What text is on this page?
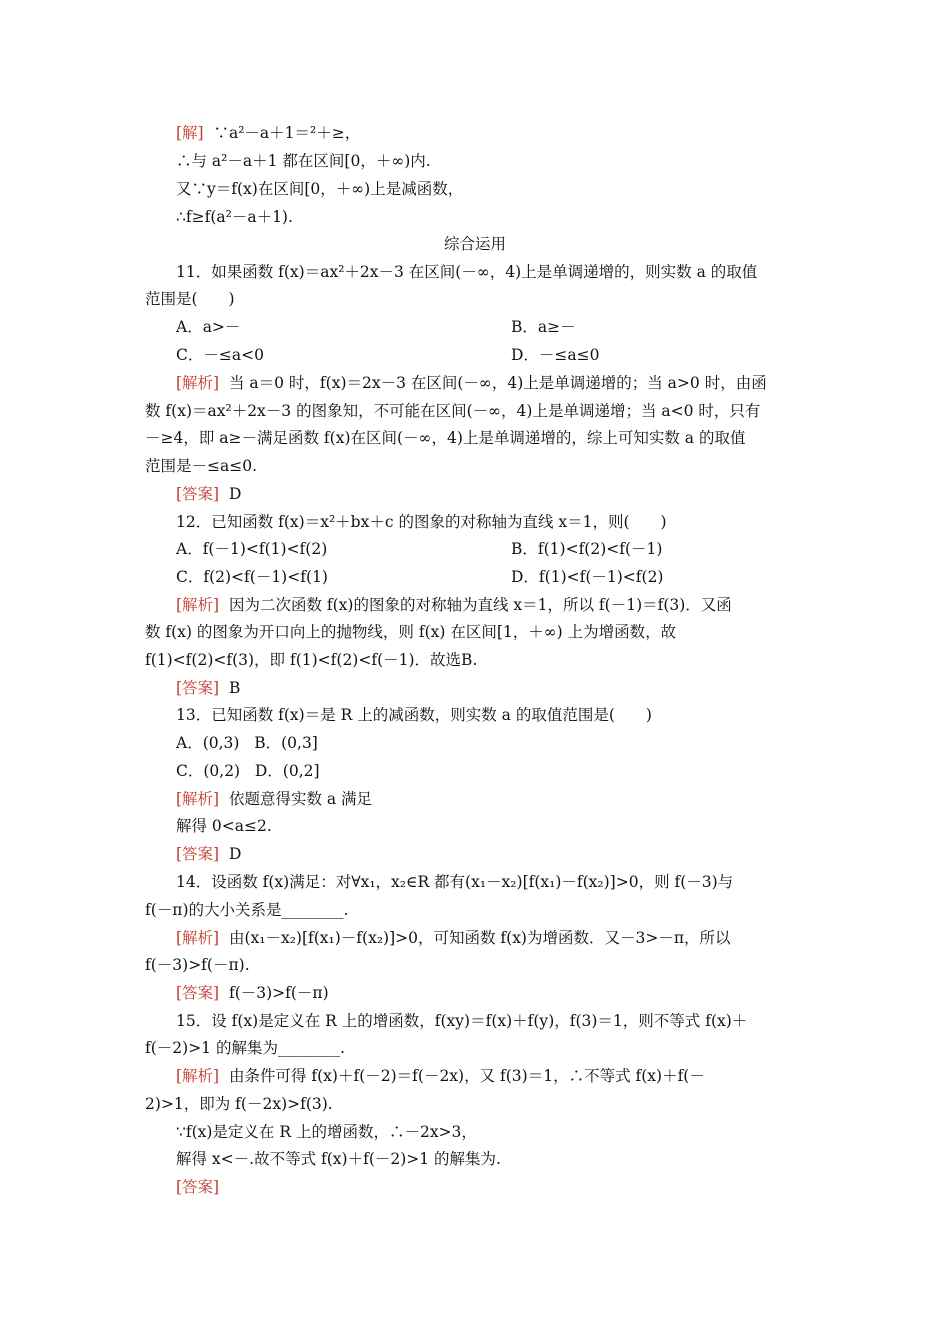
[解]  ∵a²－a＋1＝²＋≥，
∴与 a²－a＋1 都在区间[0，＋∞)内.
又∵y＝f(x)在区间[0，＋∞)上是减函数，
∴f≥f(a²－a＋1).
综合运用
11．如果函数 f(x)＝ax²＋2x－3 在区间(－∞，4)上是单调递增的，则实数 a 的取值
范围是(　　)
A．a>－	B．a≥－
C．－≤a<0	D．－≤a≤0
[解析]  当 a＝0 时，f(x)＝2x－3 在区间(－∞，4)上是单调递增的；当 a>0 时，由函
数 f(x)＝ax²＋2x－3 的图象知，不可能在区间(－∞，4)上是单调递增；当 a<0 时，只有
－≥4，即 a≥－满足函数 f(x)在区间(－∞，4)上是单调递增的，综上可知实数 a 的取值
范围是－≤a≤0.
[答案]  D
12．已知函数 f(x)＝x²＋bx＋c 的图象的对称轴为直线 x＝1，则(　　)
A．f(－1)<f(1)<f(2)	B．f(1)<f(2)<f(－1)
C．f(2)<f(－1)<f(1)	D．f(1)<f(－1)<f(2)
[解析]  因为二次函数 f(x)的图象的对称轴为直线 x＝1，所以 f(－1)＝f(3)．又函
数 f(x) 的图象为开口向上的抛物线，则 f(x) 在区间[1，＋∞) 上为增函数，故
f(1)<f(2)<f(3)，即 f(1)<f(2)<f(－1)．故选B.
[答案]  B
13．已知函数 f(x)＝是 R 上的减函数，则实数 a 的取值范围是(　　)
A．(0,3)   B．(0,3]
C．(0,2)   D．(0,2]
[解析]  依题意得实数 a 满足
解得 0<a≤2.
[答案]  D
14．设函数 f(x)满足：对∀x₁，x₂∈R 都有(x₁－x₂)[f(x₁)－f(x₂)]>0，则 f(－3)与
f(－π)的大小关系是________.
[解析]  由(x₁－x₂)[f(x₁)－f(x₂)]>0，可知函数 f(x)为增函数．又－3>－π，所以
f(－3)>f(－π).
[答案]  f(－3)>f(－π)
15．设 f(x)是定义在 R 上的增函数，f(xy)＝f(x)＋f(y)，f(3)＝1，则不等式 f(x)＋
f(－2)>1 的解集为________.
[解析]  由条件可得 f(x)＋f(－2)＝f(－2x)，又 f(3)＝1，∴不等式 f(x)＋f(－
2)>1，即为 f(－2x)>f(3).
∵f(x)是定义在 R 上的增函数，∴－2x>3，
解得 x<－.故不等式 f(x)＋f(－2)>1 的解集为.
[答案]
